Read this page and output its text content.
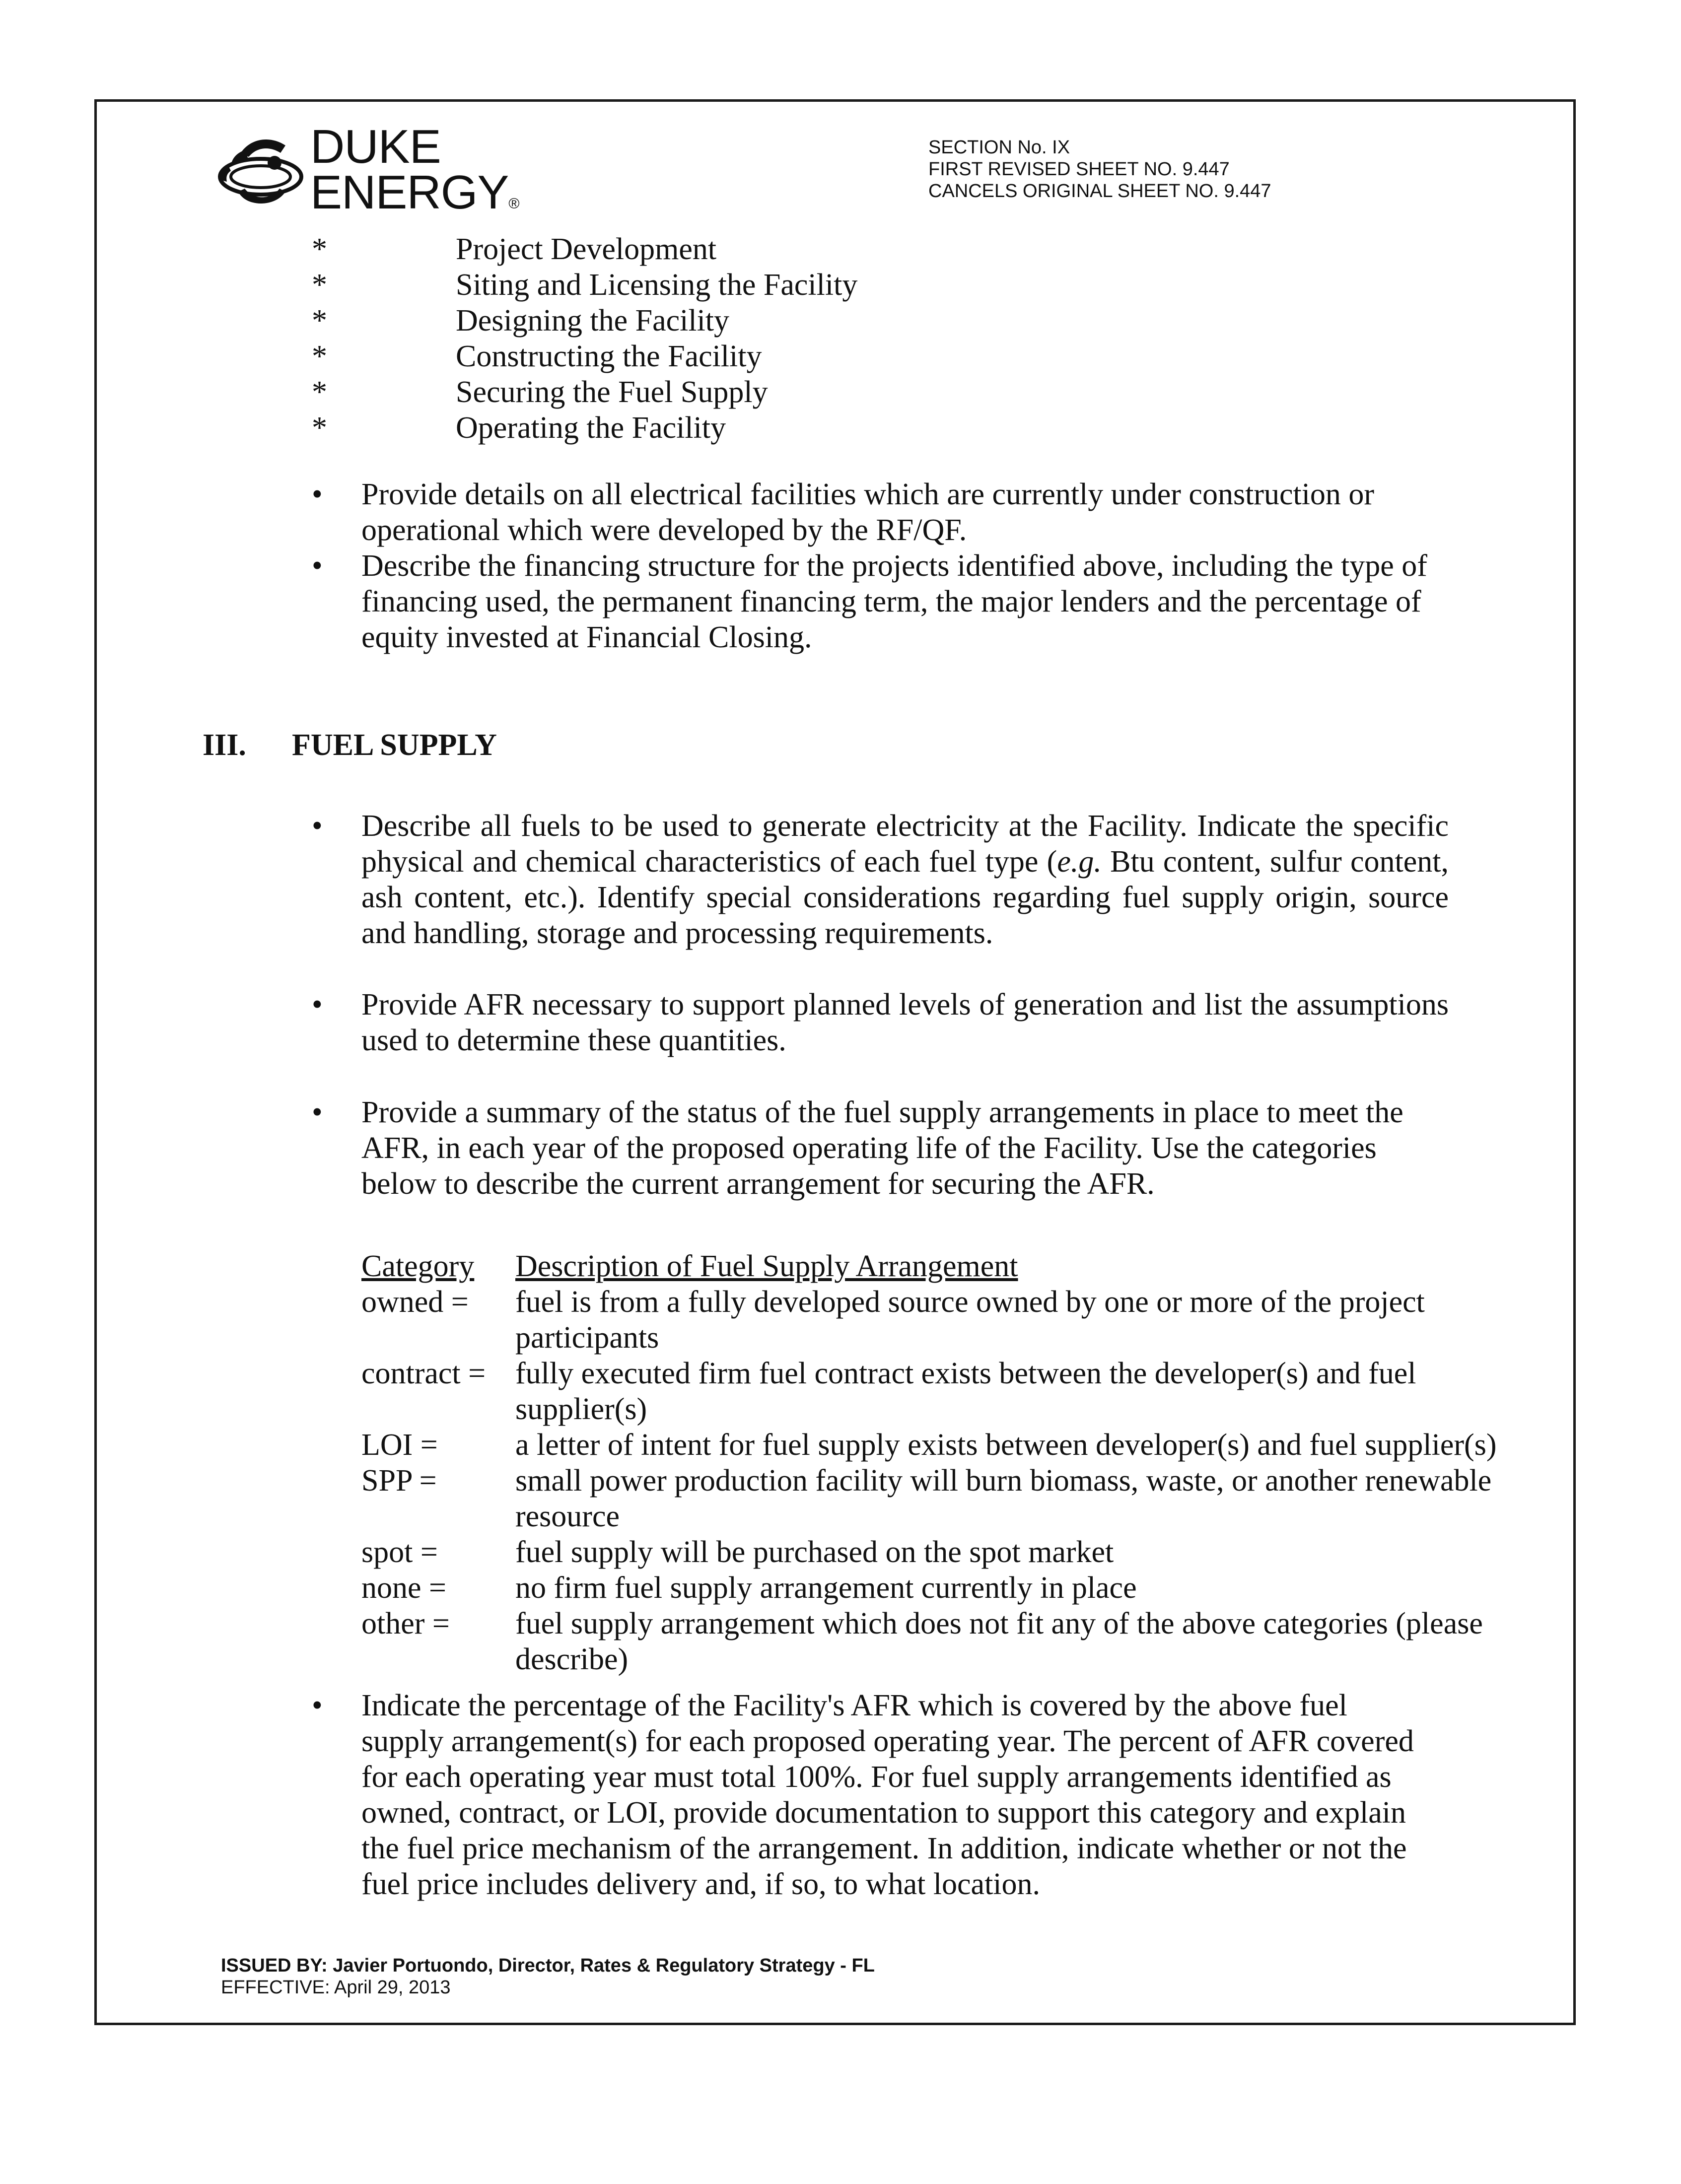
DUKE
ENERGY®
SECTION No. IX
FIRST REVISED SHEET NO. 9.447
CANCELS ORIGINAL SHEET NO. 9.447
*	Project Development
*	Siting and Licensing the Facility
*	Designing the Facility
*	Constructing the Facility
*	Securing the Fuel Supply
*	Operating the Facility
•	Provide details on all electrical facilities which are currently under construction or operational which were developed by the RF/QF.
•	Describe the financing structure for the projects identified above, including the type of financing used, the permanent financing term, the major lenders and the percentage of equity invested at Financial Closing.
III. FUEL SUPPLY
•	Describe all fuels to be used to generate electricity at the Facility. Indicate the specific physical and chemical characteristics of each fuel type (e.g. Btu content, sulfur content, ash content, etc.). Identify special considerations regarding fuel supply origin, source and handling, storage and processing requirements.
•	Provide AFR necessary to support planned levels of generation and list the assumptions used to determine these quantities.
•	Provide a summary of the status of the fuel supply arrangements in place to meet the AFR, in each year of the proposed operating life of the Facility. Use the categories below to describe the current arrangement for securing the AFR.
Category	Description of Fuel Supply Arrangement
owned =	fuel is from a fully developed source owned by one or more of the project participants
contract = fully executed firm fuel contract exists between the developer(s) and fuel supplier(s)
LOI =	a letter of intent for fuel supply exists between developer(s) and fuel supplier(s)
SPP =	small power production facility will burn biomass, waste, or another renewable resource
spot =	fuel supply will be purchased on the spot market
none =	no firm fuel supply arrangement currently in place
other =	fuel supply arrangement which does not fit any of the above categories (please describe)
•	Indicate the percentage of the Facility's AFR which is covered by the above fuel supply arrangement(s) for each proposed operating year. The percent of AFR covered for each operating year must total 100%. For fuel supply arrangements identified as owned, contract, or LOI, provide documentation to support this category and explain the fuel price mechanism of the arrangement. In addition, indicate whether or not the fuel price includes delivery and, if so, to what location.
ISSUED BY: Javier Portuondo, Director, Rates & Regulatory Strategy - FL
EFFECTIVE: April 29, 2013
